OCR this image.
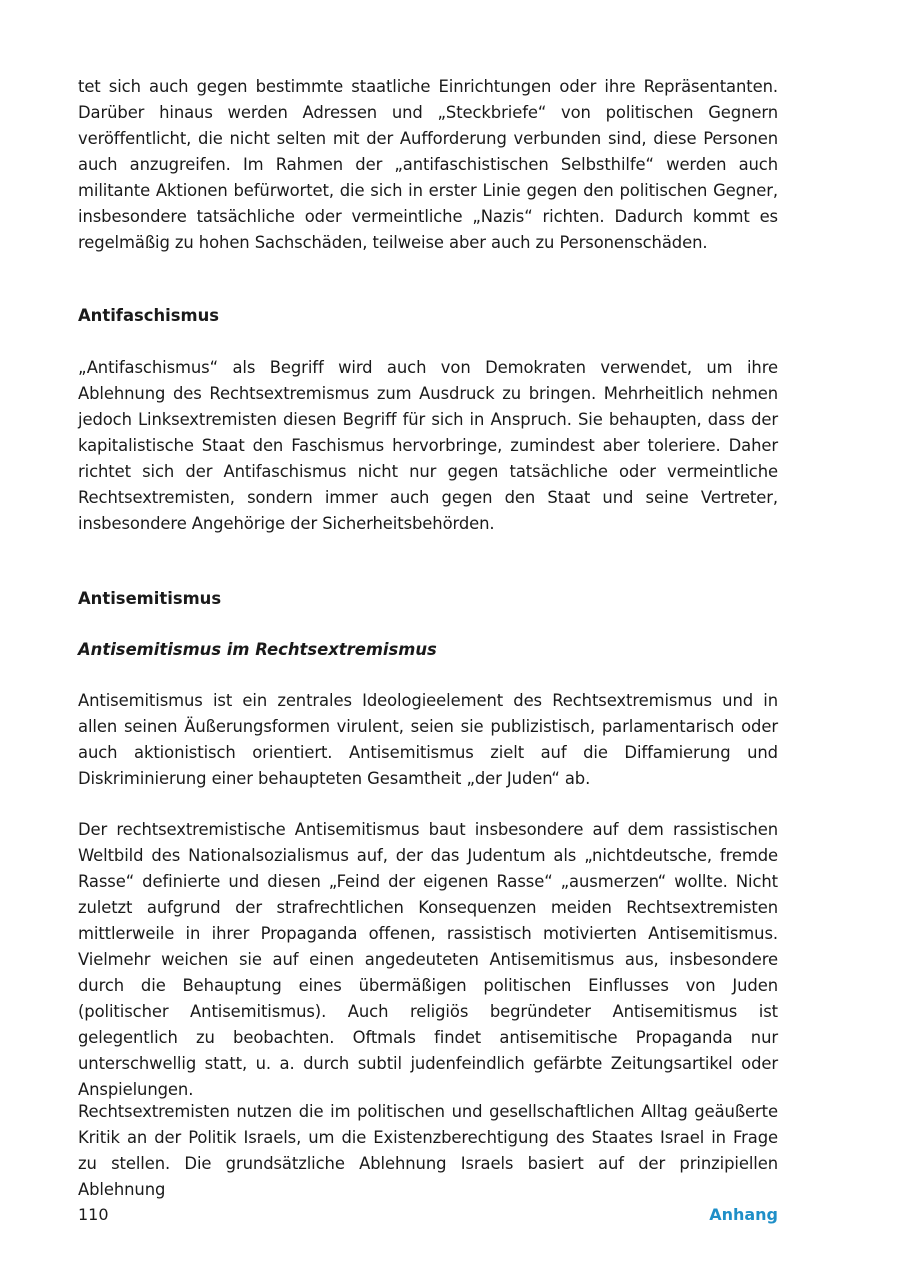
tet sich auch gegen bestimmte staatliche Einrichtungen oder ihre Repräsentanten. Darüber hinaus werden Adressen und „Steckbriefe“ von politischen Gegnern veröffentlicht, die nicht selten mit der Aufforderung verbunden sind, diese Personen auch anzugreifen. Im Rahmen der „antifaschistischen Selbsthilfe“ werden auch militante Aktionen befürwortet, die sich in erster Linie gegen den politischen Gegner, insbesondere tatsächliche oder vermeintliche „Nazis“ richten. Dadurch kommt es regelmäßig zu hohen Sachschäden, teilweise aber auch zu Personenschäden.

Antifaschismus

„Antifaschismus“ als Begriff wird auch von Demokraten verwendet, um ihre Ablehnung des Rechtsextremismus zum Ausdruck zu bringen. Mehrheitlich nehmen jedoch Linksextremisten diesen Begriff für sich in Anspruch. Sie behaupten, dass der kapitalistische Staat den Faschismus hervorbringe, zumindest aber toleriere. Daher richtet sich der Antifaschismus nicht nur gegen tatsächliche oder vermeintliche Rechtsextremisten, sondern immer auch gegen den Staat und seine Vertreter, insbesondere Angehörige der Sicherheitsbehörden.

Antisemitismus
Antisemitismus im Rechtsextremismus

Antisemitismus ist ein zentrales Ideologieelement des Rechtsextremismus und in allen seinen Äußerungsformen virulent, seien sie publizistisch, parlamentarisch oder auch aktionistisch orientiert. Antisemitismus zielt auf die Diffamierung und Diskriminierung einer behaupteten Gesamtheit „der Juden“ ab.

Der rechtsextremistische Antisemitismus baut insbesondere auf dem rassistischen Weltbild des Nationalsozialismus auf, der das Judentum als „nichtdeutsche, fremde Rasse“ definierte und diesen „Feind der eigenen Rasse“ „ausmerzen“ wollte. Nicht zuletzt aufgrund der strafrechtlichen Konsequenzen meiden Rechtsextremisten mittlerweile in ihrer Propaganda offenen, rassistisch motivierten Antisemitismus. Vielmehr weichen sie auf einen angedeuteten Antisemitismus aus, insbesondere durch die Behauptung eines übermäßigen politischen Einflusses von Juden (politischer Antisemitismus). Auch religiös begründeter Antisemitismus ist gelegentlich zu beobachten. Oftmals findet antisemitische Propaganda nur unterschwellig statt, u. a. durch subtil judenfeindlich gefärbte Zeitungsartikel oder Anspielungen.

Rechtsextremisten nutzen die im politischen und gesellschaftlichen Alltag geäußerte Kritik an der Politik Israels, um die Existenzberechtigung des Staates Israel in Frage zu stellen. Die grundsätzliche Ablehnung Israels basiert auf der prinzipiellen Ablehnung

110	Anhang
